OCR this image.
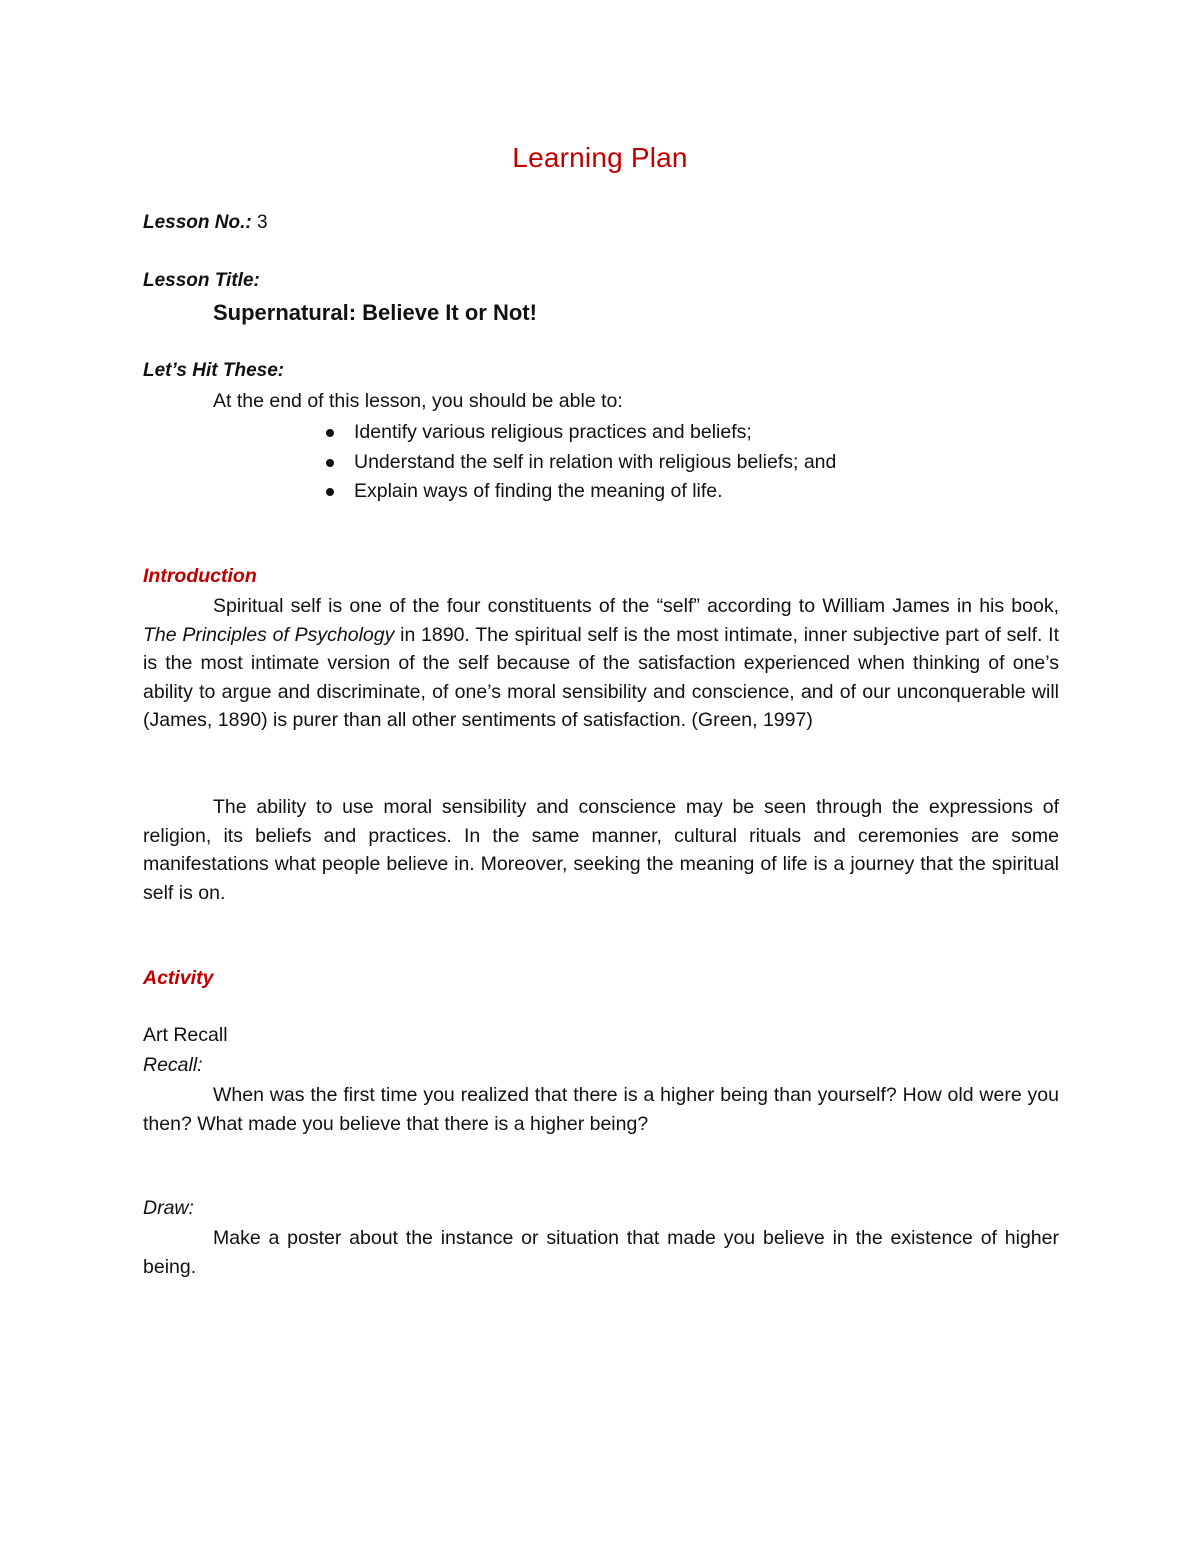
Learning Plan

Lesson No.: 3

Lesson Title:

Supernatural: Believe It or Not!

Let’s Hit These:

At the end of this lesson, you should be able to:

Identify various religious practices and beliefs;
Understand the self in relation with religious beliefs; and
Explain ways of finding the meaning of life.

Introduction

Spiritual self is one of the four constituents of the “self” according to William James in his book, The Principles of Psychology in 1890. The spiritual self is the most intimate, inner subjective part of self. It is the most intimate version of the self because of the satisfaction experienced when thinking of one’s ability to argue and discriminate, of one’s moral sensibility and conscience, and of our unconquerable will (James, 1890) is purer than all other sentiments of satisfaction. (Green, 1997)

The ability to use moral sensibility and conscience may be seen through the expressions of religion, its beliefs and practices. In the same manner, cultural rituals and ceremonies are some manifestations what people believe in. Moreover, seeking the meaning of life is a journey that the spiritual self is on.

Activity

Art Recall

Recall:

When was the first time you realized that there is a higher being than yourself? How old were you then? What made you believe that there is a higher being?

Draw:

Make a poster about the instance or situation that made you believe in the existence of higher being.
